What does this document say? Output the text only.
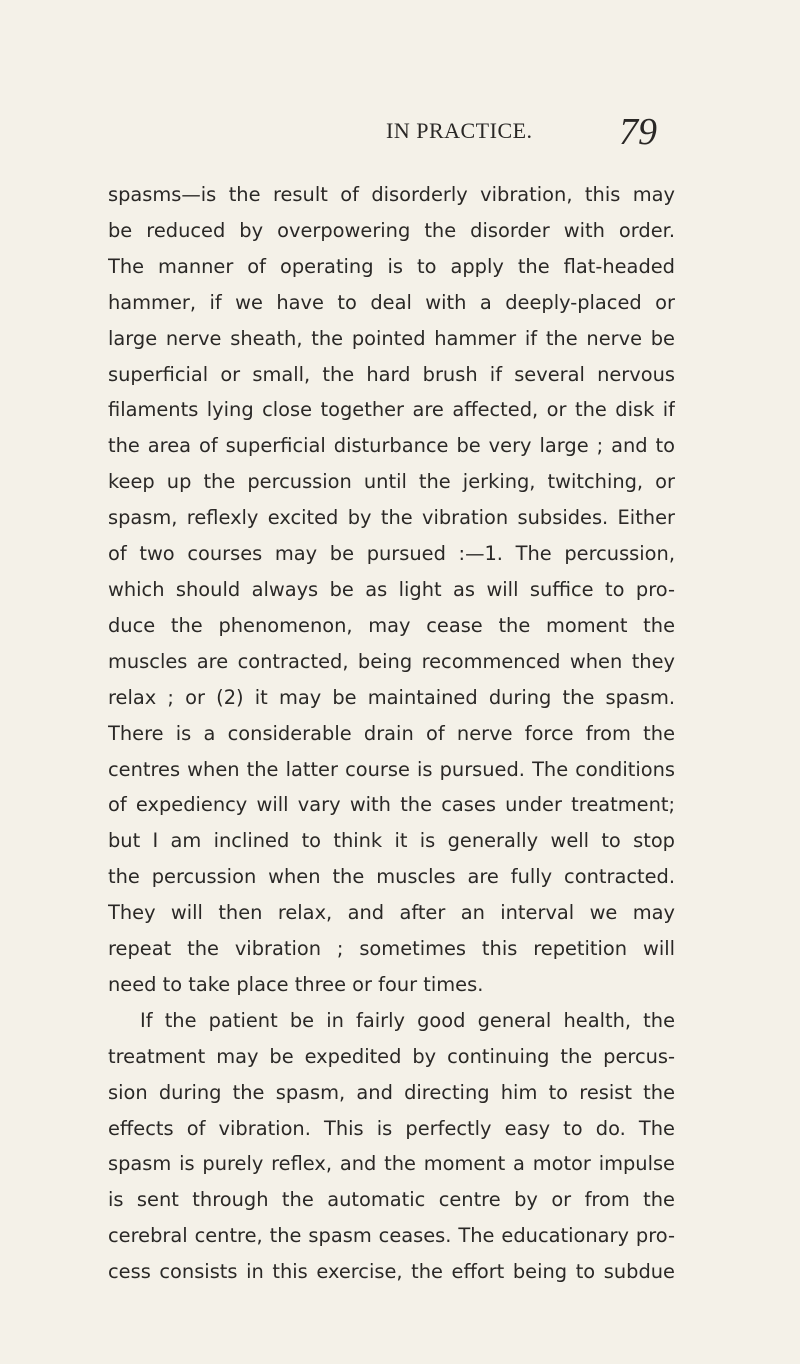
IN PRACTICE. 79
spasms—is the result of disorderly vibration, this may
be reduced by overpowering the disorder with order.
The manner of operating is to apply the flat-headed
hammer, if we have to deal with a deeply-placed or
large nerve sheath, the pointed hammer if the nerve be
superficial or small, the hard brush if several nervous
filaments lying close together are affected, or the disk if
the area of superficial disturbance be very large ; and to
keep up the percussion until the jerking, twitching, or
spasm, reflexly excited by the vibration subsides. Either
of two courses may be pursued :—1. The percussion,
which should always be as light as will suffice to pro-
duce the phenomenon, may cease the moment the
muscles are contracted, being recommenced when they
relax ; or (2) it may be maintained during the spasm.
There is a considerable drain of nerve force from the
centres when the latter course is pursued. The conditions
of expediency will vary with the cases under treatment;
but I am inclined to think it is generally well to stop
the percussion when the muscles are fully contracted.
They will then relax, and after an interval we may
repeat the vibration ; sometimes this repetition will
need to take place three or four times.
If the patient be in fairly good general health, the
treatment may be expedited by continuing the percus-
sion during the spasm, and directing him to resist the
effects of vibration. This is perfectly easy to do. The
spasm is purely reflex, and the moment a motor impulse
is sent through the automatic centre by or from the
cerebral centre, the spasm ceases. The educationary pro-
cess consists in this exercise, the effort being to subdue
